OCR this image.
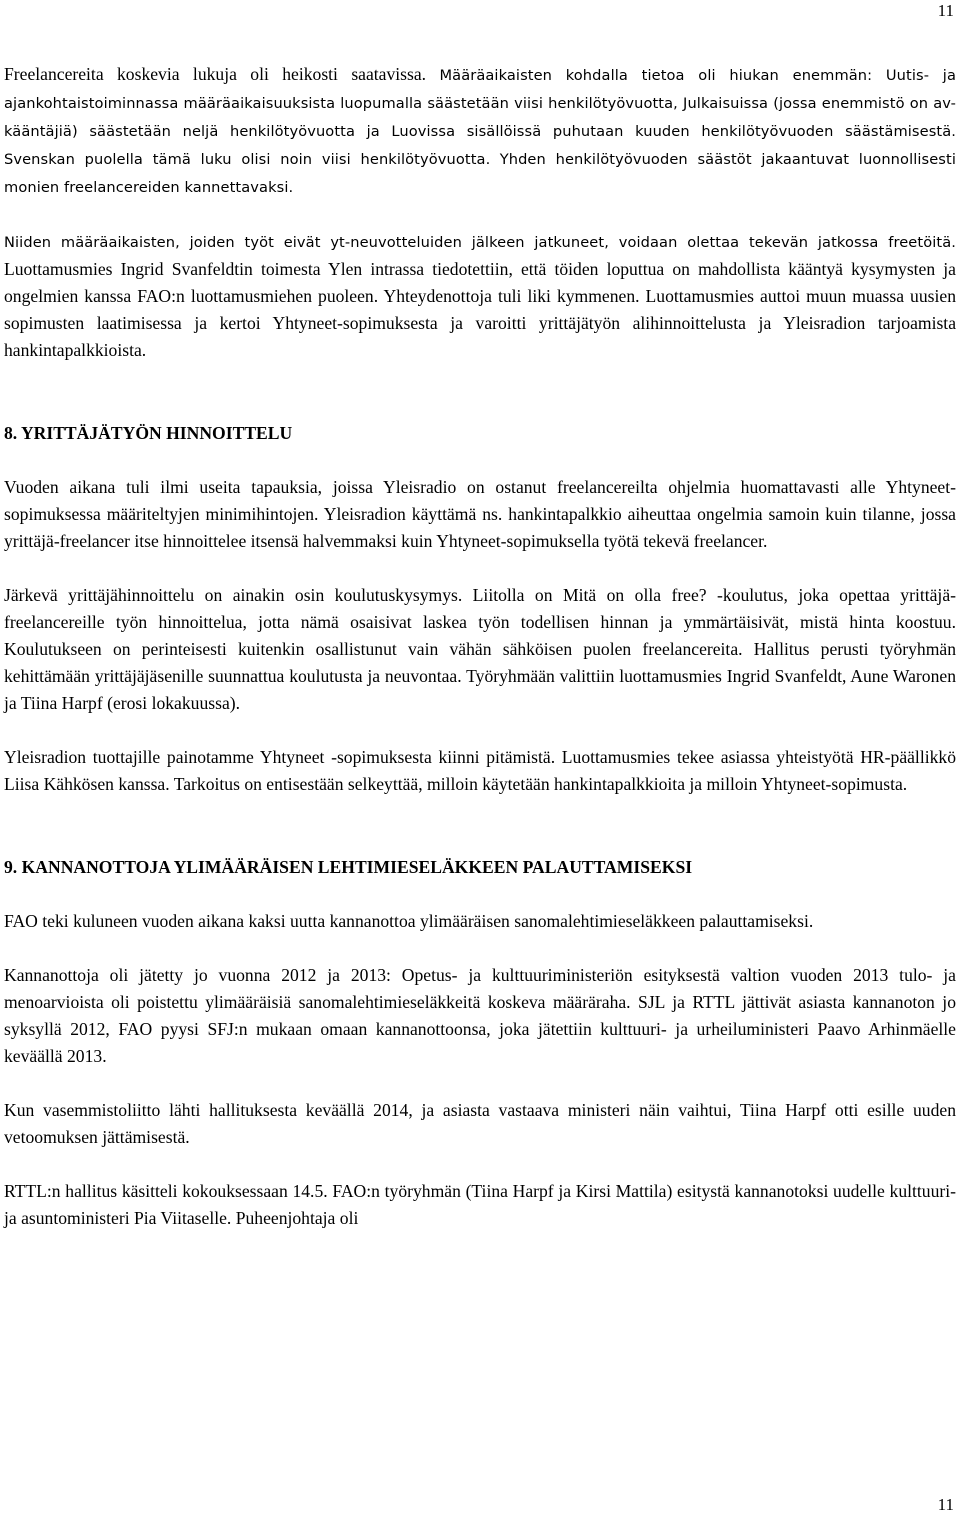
11

Freelancereita koskevia lukuja oli heikosti saatavissa. Määräaikaisten kohdalla tietoa oli hiukan enemmän: Uutis- ja ajankohtaistoiminnassa määräaikaisuuksista luopumalla säästetään viisi henkilötyövuotta, Julkaisuissa (jossa enemmistö on av-kääntäjiä) säästetään neljä henkilötyövuotta ja Luovissa sisällöissä puhutaan kuuden henkilötyövuoden säästämisestä. Svenskan puolella tämä luku olisi noin viisi henkilötyövuotta. Yhden henkilötyövuoden säästöt jakaantuvat luonnollisesti monien freelancereiden kannettavaksi.

Niiden määräaikaisten, joiden työt eivät yt-neuvotteluiden jälkeen jatkuneet, voidaan olettaa tekevän jatkossa freetöitä. Luottamusmies Ingrid Svanfeldtin toimesta Ylen intrassa tiedotettiin, että töiden loputtua on mahdollista kääntyä kysymysten ja ongelmien kanssa FAO:n luottamusmiehen puoleen. Yhteydenottoja tuli liki kymmenen. Luottamusmies auttoi muun muassa uusien sopimusten laatimisessa ja kertoi Yhtyneet-sopimuksesta ja varoitti yrittäjätyön alihinnoittelusta ja Yleisradion tarjoamista hankintapalkkioista.

8. YRITTÄJÄTYÖN HINNOITTELU

Vuoden aikana tuli ilmi useita tapauksia, joissa Yleisradio on ostanut freelancereilta ohjelmia huomattavasti alle Yhtyneet-sopimuksessa määriteltyjen minimihintojen. Yleisradion käyttämä ns. hankintapalkkio aiheuttaa ongelmia samoin kuin tilanne, jossa yrittäjä-freelancer itse hinnoittelee itsensä halvemmaksi kuin Yhtyneet-sopimuksella työtä tekevä freelancer.

Järkevä yrittäjähinnoittelu on ainakin osin koulutuskysymys. Liitolla on Mitä on olla free? -koulutus, joka opettaa yrittäjä-freelancereille työn hinnoittelua, jotta nämä osaisivat laskea työn todellisen hinnan ja ymmärtäisivät, mistä hinta koostuu. Koulutukseen on perinteisesti kuitenkin osallistunut vain vähän sähköisen puolen freelancereita. Hallitus perusti työryhmän kehittämään yrittäjäjäsenille suunnattua koulutusta ja neuvontaa. Työryhmään valittiin luottamusmies Ingrid Svanfeldt, Aune Waronen ja Tiina Harpf (erosi lokakuussa).

Yleisradion tuottajille painotamme Yhtyneet -sopimuksesta kiinni pitämistä. Luottamusmies tekee asiassa yhteistyötä HR-päällikkö Liisa Kähkösen kanssa. Tarkoitus on entisestään selkeyttää, milloin käytetään hankintapalkkioita ja milloin Yhtyneet-sopimusta.

9. KANNANOTTOJA YLIMÄÄRÄISEN LEHTIMIESELÄKKEEN PALAUTTAMISEKSI

FAO teki kuluneen vuoden aikana kaksi uutta kannanottoa ylimääräisen sanomalehtimieseläkkeen palauttamiseksi.

Kannanottoja oli jätetty jo vuonna 2012 ja 2013: Opetus- ja kulttuuriministeriön esityksestä valtion vuoden 2013 tulo- ja menoarvioista oli poistettu ylimääräisiä sanomalehtimieseläkkeitä koskeva määräraha. SJL ja RTTL jättivät asiasta kannanoton jo syksyllä 2012, FAO pyysi SFJ:n mukaan omaan kannanottoonsa, joka jätettiin kulttuuri- ja urheiluministeri Paavo Arhinmäelle keväällä 2013.

Kun vasemmistoliitto lähti hallituksesta keväällä 2014, ja asiasta vastaava ministeri näin vaihtui, Tiina Harpf otti esille uuden vetoomuksen jättämisestä.

RTTL:n hallitus käsitteli kokouksessaan 14.5. FAO:n työryhmän (Tiina Harpf ja Kirsi Mattila) esitystä kannanotoksi uudelle kulttuuri- ja asuntoministeri Pia Viitaselle. Puheenjohtaja oli

11
